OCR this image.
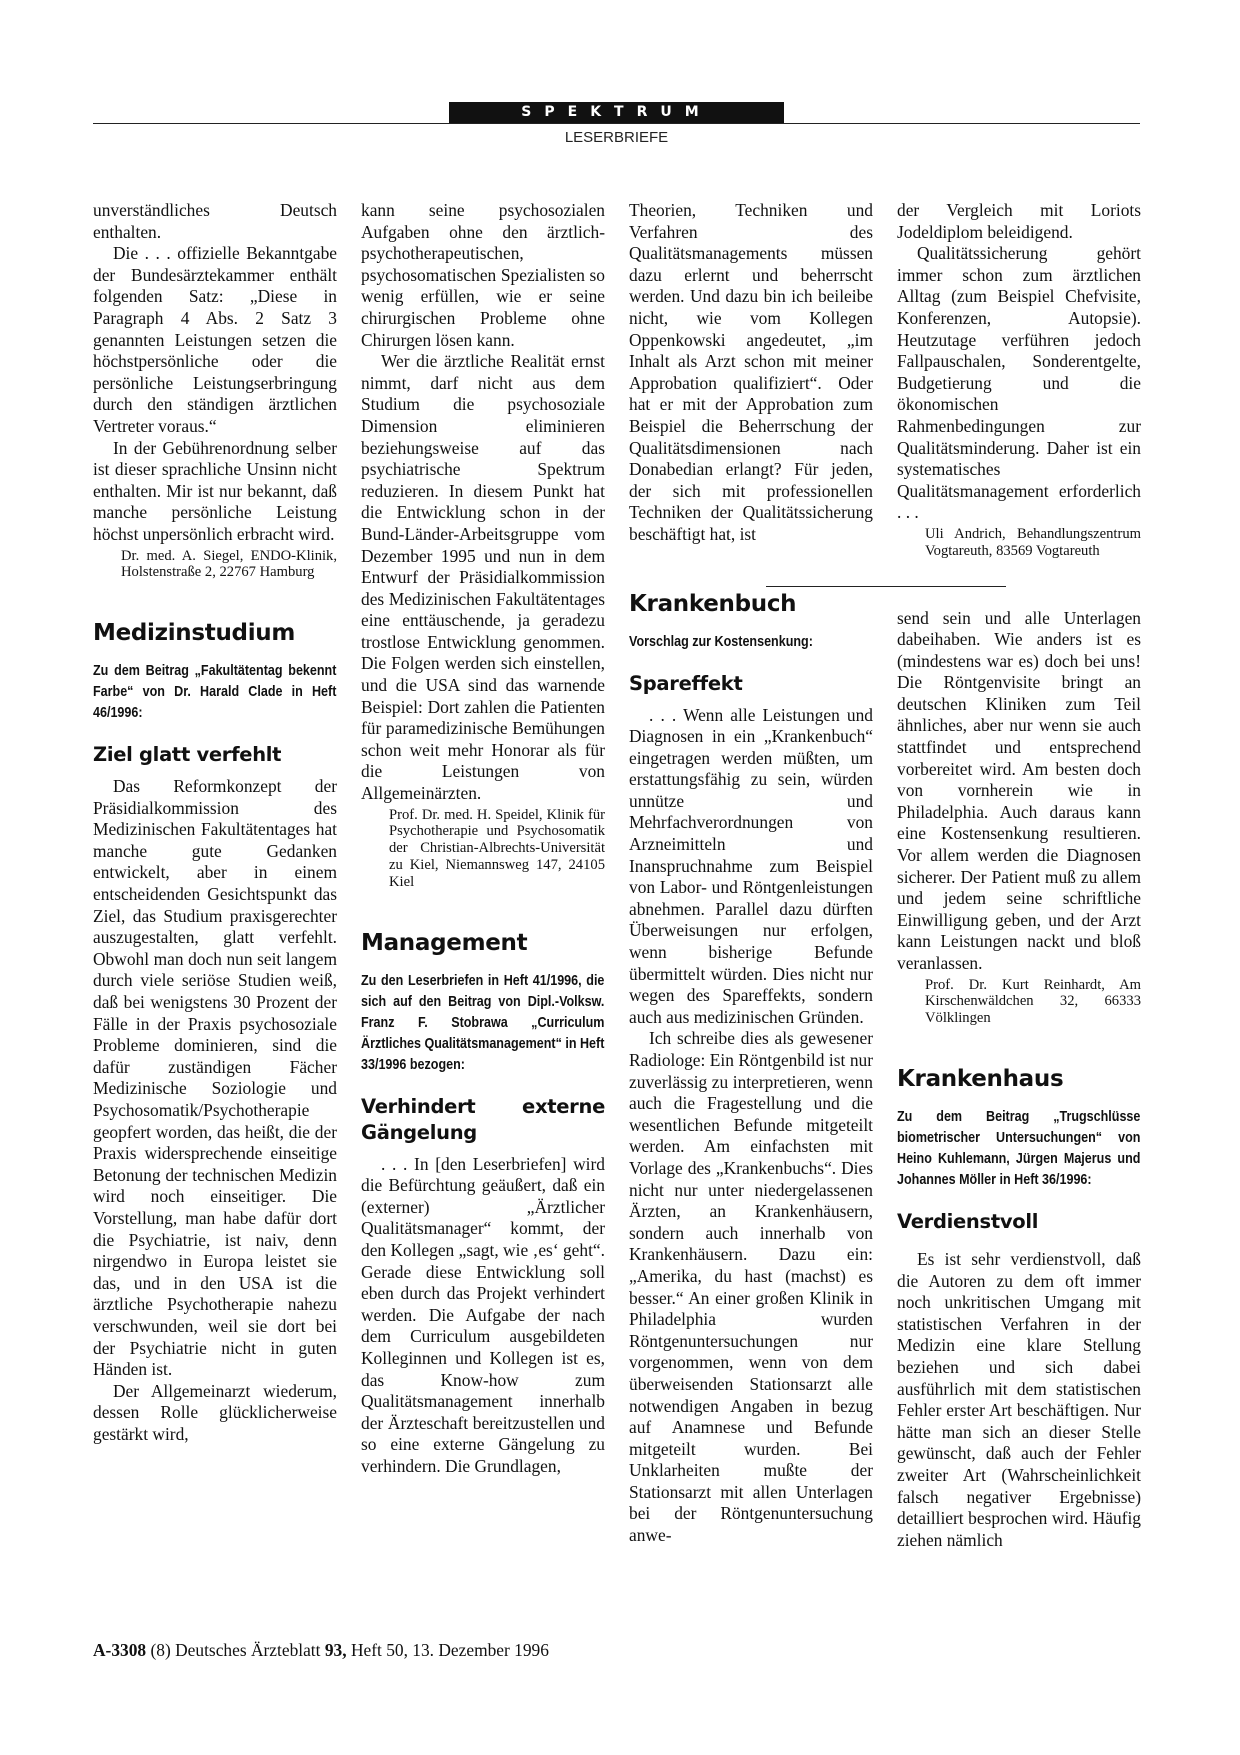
SPEKTRUM
LESERBRIEFE

unverständliches Deutsch enthalten.

Die . . . offizielle Bekanntgabe der Bundesärztekammer enthält folgenden Satz: „Diese in Paragraph 4 Abs. 2 Satz 3 genannten Leistungen setzen die höchstpersönliche oder die persönliche Leistungserbringung durch den ständigen ärztlichen Vertreter voraus.“

In der Gebührenordnung selber ist dieser sprachliche Unsinn nicht enthalten. Mir ist nur bekannt, daß manche persönliche Leistung höchst unpersönlich erbracht wird.

Dr. med. A. Siegel, ENDO-Klinik, Holstenstraße 2, 22767 Hamburg
Medizinstudium
Zu dem Beitrag „Fakultätentag bekennt Farbe“ von Dr. Harald Clade in Heft 46/1996:
Ziel glatt verfehlt

Das Reformkonzept der Präsidialkommission des Medizinischen Fakultätentages hat manche gute Gedanken entwickelt, aber in einem entscheidenden Gesichtspunkt das Ziel, das Studium praxisgerechter auszugestalten, glatt verfehlt. Obwohl man doch nun seit langem durch viele seriöse Studien weiß, daß bei wenigstens 30 Prozent der Fälle in der Praxis psychosoziale Probleme dominieren, sind die dafür zuständigen Fächer Medizinische Soziologie und Psychosomatik/Psychotherapie geopfert worden, das heißt, die der Praxis widersprechende einseitige Betonung der technischen Medizin wird noch einseitiger. Die Vorstellung, man habe dafür dort die Psychiatrie, ist naiv, denn nirgendwo in Europa leistet sie das, und in den USA ist die ärztliche Psychotherapie nahezu verschwunden, weil sie dort bei der Psychiatrie nicht in guten Händen ist.

Der Allgemeinarzt wiederum, dessen Rolle glücklicherweise gestärkt wird,

kann seine psychosozialen Aufgaben ohne den ärztlich-psychotherapeutischen, psychosomatischen Spezialisten so wenig erfüllen, wie er seine chirurgischen Probleme ohne Chirurgen lösen kann.

Wer die ärztliche Realität ernst nimmt, darf nicht aus dem Studium die psychosoziale Dimension eliminieren beziehungsweise auf das psychiatrische Spektrum reduzieren. In diesem Punkt hat die Entwicklung schon in der Bund-Länder-Arbeitsgruppe vom Dezember 1995 und nun in dem Entwurf der Präsidialkommission des Medizinischen Fakultätentages eine enttäuschende, ja geradezu trostlose Entwicklung genommen. Die Folgen werden sich einstellen, und die USA sind das warnende Beispiel: Dort zahlen die Patienten für paramedizinische Bemühungen schon weit mehr Honorar als für die Leistungen von Allgemeinärzten.

Prof. Dr. med. H. Speidel, Klinik für Psychotherapie und Psychosomatik der Christian-Albrechts-Universität zu Kiel, Niemannsweg 147, 24105 Kiel
Management
Zu den Leserbriefen in Heft 41/1996, die sich auf den Beitrag von Dipl.-Volksw. Franz F. Stobrawa „Curriculum Ärztliches Qualitätsmanagement“ in Heft 33/1996 bezogen:
Verhindert externe Gängelung

. . . In [den Leserbriefen] wird die Befürchtung geäußert, daß ein (externer) „Ärztlicher Qualitätsmanager“ kommt, der den Kollegen „sagt, wie ‚es‘ geht“. Gerade diese Entwicklung soll eben durch das Projekt verhindert werden. Die Aufgabe der nach dem Curriculum ausgebildeten Kolleginnen und Kollegen ist es, das Know-how zum Qualitätsmanagement innerhalb der Ärzteschaft bereitzustellen und so eine externe Gängelung zu verhindern. Die Grundlagen,

Theorien, Techniken und Verfahren des Qualitätsmanagements müssen dazu erlernt und beherrscht werden. Und dazu bin ich beileibe nicht, wie vom Kollegen Oppenkowski angedeutet, „im Inhalt als Arzt schon mit meiner Approbation qualifiziert“. Oder hat er mit der Approbation zum Beispiel die Beherrschung der Qualitätsdimensionen nach Donabedian erlangt? Für jeden, der sich mit professionellen Techniken der Qualitätssicherung beschäftigt hat, ist

Krankenbuch
Vorschlag zur Kostensenkung:
Spareffekt

. . . Wenn alle Leistungen und Diagnosen in ein „Krankenbuch“ eingetragen werden müßten, um erstattungsfähig zu sein, würden unnütze und Mehrfachverordnungen von Arzneimitteln und Inanspruchnahme zum Beispiel von Labor- und Röntgenleistungen abnehmen. Parallel dazu dürften Überweisungen nur erfolgen, wenn bisherige Befunde übermittelt würden. Dies nicht nur wegen des Spareffekts, sondern auch aus medizinischen Gründen.

Ich schreibe dies als gewesener Radiologe: Ein Röntgenbild ist nur zuverlässig zu interpretieren, wenn auch die Fragestellung und die wesentlichen Befunde mitgeteilt werden. Am einfachsten mit Vorlage des „Krankenbuchs“. Dies nicht nur unter niedergelassenen Ärzten, an Krankenhäusern, sondern auch innerhalb von Krankenhäusern. Dazu ein: „Amerika, du hast (machst) es besser.“ An einer großen Klinik in Philadelphia wurden Röntgenuntersuchungen nur vorgenommen, wenn von dem überweisenden Stationsarzt alle notwendigen Angaben in bezug auf Anamnese und Befunde mitgeteilt wurden. Bei Unklarheiten mußte der Stationsarzt mit allen Unterlagen bei der Röntgenuntersuchung anwe-

der Vergleich mit Loriots Jodeldiplom beleidigend.

Qualitätssicherung gehört immer schon zum ärztlichen Alltag (zum Beispiel Chefvisite, Konferenzen, Autopsie). Heutzutage verführen jedoch Fallpauschalen, Sonderentgelte, Budgetierung und die ökonomischen Rahmenbedingungen zur Qualitätsminderung. Daher ist ein systematisches Qualitätsmanagement erforderlich . . .

Uli Andrich, Behandlungszentrum Vogtareuth, 83569 Vogtareuth

send sein und alle Unterlagen dabeihaben. Wie anders ist es (mindestens war es) doch bei uns! Die Röntgenvisite bringt an deutschen Kliniken zum Teil ähnliches, aber nur wenn sie auch stattfindet und entsprechend vorbereitet wird. Am besten doch von vornherein wie in Philadelphia. Auch daraus kann eine Kostensenkung resultieren. Vor allem werden die Diagnosen sicherer. Der Patient muß zu allem und jedem seine schriftliche Einwilligung geben, und der Arzt kann Leistungen nackt und bloß veranlassen.

Prof. Dr. Kurt Reinhardt, Am Kirschenwäldchen 32, 66333 Völklingen
Krankenhaus
Zu dem Beitrag „Trugschlüsse biometrischer Untersuchungen“ von Heino Kuhlemann, Jürgen Majerus und Johannes Möller in Heft 36/1996:
Verdienstvoll

Es ist sehr verdienstvoll, daß die Autoren zu dem oft immer noch unkritischen Umgang mit statistischen Verfahren in der Medizin eine klare Stellung beziehen und sich dabei ausführlich mit dem statistischen Fehler erster Art beschäftigen. Nur hätte man sich an dieser Stelle gewünscht, daß auch der Fehler zweiter Art (Wahrscheinlichkeit falsch negativer Ergebnisse) detailliert besprochen wird. Häufig ziehen nämlich

A-3308 (8) Deutsches Ärzteblatt 93, Heft 50, 13. Dezember 1996
